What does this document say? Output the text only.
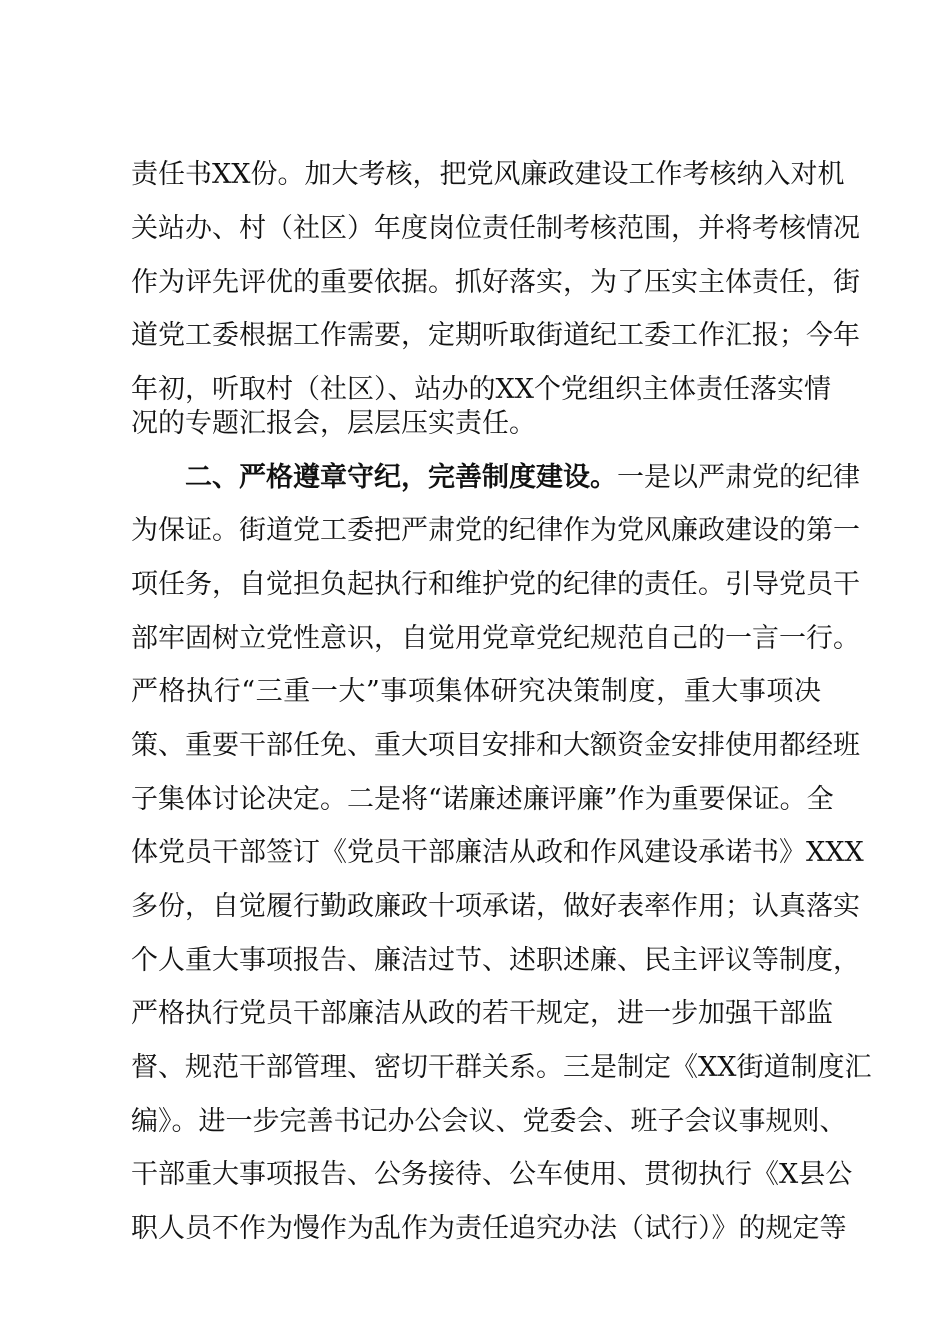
责任书XX份。加大考核，把党风廉政建设工作考核纳入对机
关站办、村（社区）年度岗位责任制考核范围，并将考核情况
作为评先评优的重要依据。抓好落实，为了压实主体责任，街
道党工委根据工作需要，定期听取街道纪工委工作汇报；今年
年初，听取村（社区）、站办的XX个党组织主体责任落实情
况的专题汇报会，层层压实责任。
二、严格遵章守纪，完善制度建设。一是以严肃党的纪律
为保证。街道党工委把严肃党的纪律作为党风廉政建设的第一
项任务，自觉担负起执行和维护党的纪律的责任。引导党员干
部牢固树立党性意识，自觉用党章党纪规范自己的一言一行。
严格执行“三重一大”事项集体研究决策制度，重大事项决
策、重要干部任免、重大项目安排和大额资金安排使用都经班
子集体讨论决定。二是将“诺廉述廉评廉”作为重要保证。全
体党员干部签订《党员干部廉洁从政和作风建设承诺书》XXX
多份，自觉履行勤政廉政十项承诺，做好表率作用；认真落实
个人重大事项报告、廉洁过节、述职述廉、民主评议等制度，
严格执行党员干部廉洁从政的若干规定，进一步加强干部监
督、规范干部管理、密切干群关系。三是制定《XX街道制度汇
编》。进一步完善书记办公会议、党委会、班子会议事规则、
干部重大事项报告、公务接待、公车使用、贯彻执行《X县公
职人员不作为慢作为乱作为责任追究办法（试行）》的规定等
